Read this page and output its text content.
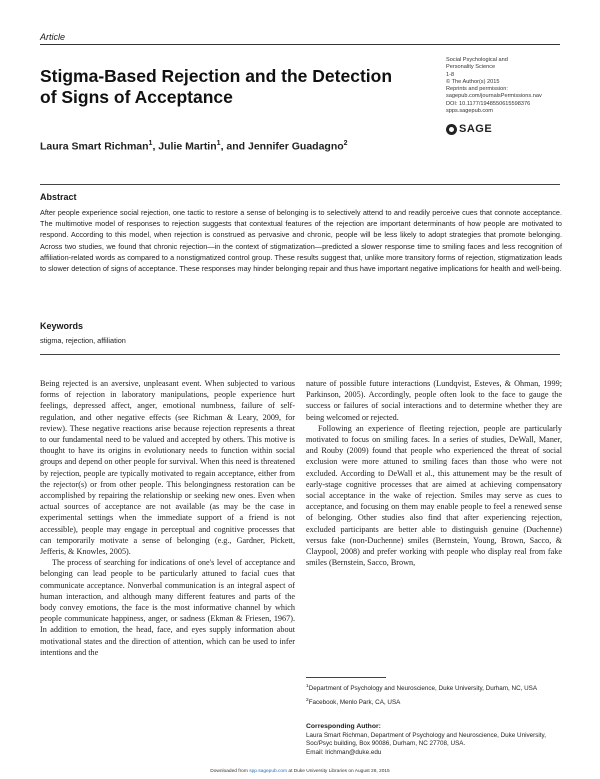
Article
Stigma-Based Rejection and the Detection of Signs of Acceptance
Laura Smart Richman$^1$, Julie Martin$^1$, and Jennifer Guadagno$^2$
Social Psychological and
Personality Science
1-8
© The Author(s) 2015
Reprints and permission:
sagepub.com/journalsPermissions.nav
DOI: 10.1177/1948550615598376
spps.sagepub.com
SAGE
Abstract
After people experience social rejection, one tactic to restore a sense of belonging is to selectively attend to and readily perceive cues that connote acceptance. The multimotive model of responses to rejection suggests that contextual features of the rejection are important determinants of how people are motivated to respond. According to this model, when rejection is construed as pervasive and chronic, people will be less likely to adopt strategies that promote belonging. Across two studies, we found that chronic rejection—in the context of stigmatization—predicted a slower response time to smiling faces and less recognition of affiliation-related words as compared to a nonstigmatized control group. These results suggest that, unlike more transitory forms of rejection, stigmatization leads to slower detection of signs of acceptance. These responses may hinder belonging repair and thus have important negative implications for health and well-being.
Keywords
stigma, rejection, affiliation

Being rejected is an aversive, unpleasant event. When subjected to various forms of rejection in laboratory manipulations, people experience hurt feelings, depressed affect, anger, emotional numbness, failure of self-regulation, and other negative effects (see Richman & Leary, 2009, for review). These negative reactions arise because rejection represents a threat to our fundamental need to be valued and accepted by others. This motive is thought to have its origins in evolutionary needs to function within social groups and depend on other people for survival. When this need is threatened by rejection, people are typically motivated to regain acceptance, either from the rejector(s) or from other people. This belongingness restoration can be accomplished by repairing the relationship or seeking new ones. Even when actual sources of acceptance are not available (as may be the case in experimental settings when the immediate support of a friend is not accessible), people may engage in perceptual and cognitive processes that can temporarily motivate a sense of belonging (e.g., Gardner, Pickett, Jefferis, & Knowles, 2005).

The process of searching for indications of one's level of acceptance and belonging can lead people to be particularly attuned to facial cues that communicate acceptance. Nonverbal communication is an integral aspect of human interaction, and although many different features and parts of the body convey emotions, the face is the most informative channel by which people communicate happiness, anger, or sadness (Ekman & Friesen, 1967). In addition to emotion, the head, face, and eyes supply information about motivational states and the direction of attention, which can be used to infer intentions and the

nature of possible future interactions (Lundqvist, Esteves, & Ohman, 1999; Parkinson, 2005). Accordingly, people often look to the face to gauge the success or failures of social interactions and to determine whether they are being welcomed or rejected.

Following an experience of fleeting rejection, people are particularly motivated to focus on smiling faces. In a series of studies, DeWall, Maner, and Rouby (2009) found that people who experienced the threat of social exclusion were more attuned to smiling faces than those who were not excluded. According to DeWall et al., this attunement may be the result of early-stage cognitive processes that are aimed at achieving compensatory social acceptance in the wake of rejection. Smiles may serve as cues to acceptance, and focusing on them may enable people to feel a renewed sense of belonging. Other studies also find that after experiencing rejection, excluded participants are better able to distinguish genuine (Duchenne) versus fake (non-Duchenne) smiles (Bernstein, Young, Brown, Sacco, & Claypool, 2008) and prefer working with people who display real from fake smiles (Bernstein, Sacco, Brown,

$^1$Department of Psychology and Neuroscience, Duke University, Durham, NC, USA
$^2$Facebook, Menlo Park, CA, USA
Corresponding Author:
Laura Smart Richman, Department of Psychology and Neuroscience, Duke University, Soc/Psyc building, Box 90086, Durham, NC 27708, USA.
Email: lrichman@duke.edu
Downloaded from spp.sagepub.com at Duke University Libraries on August 28, 2015
